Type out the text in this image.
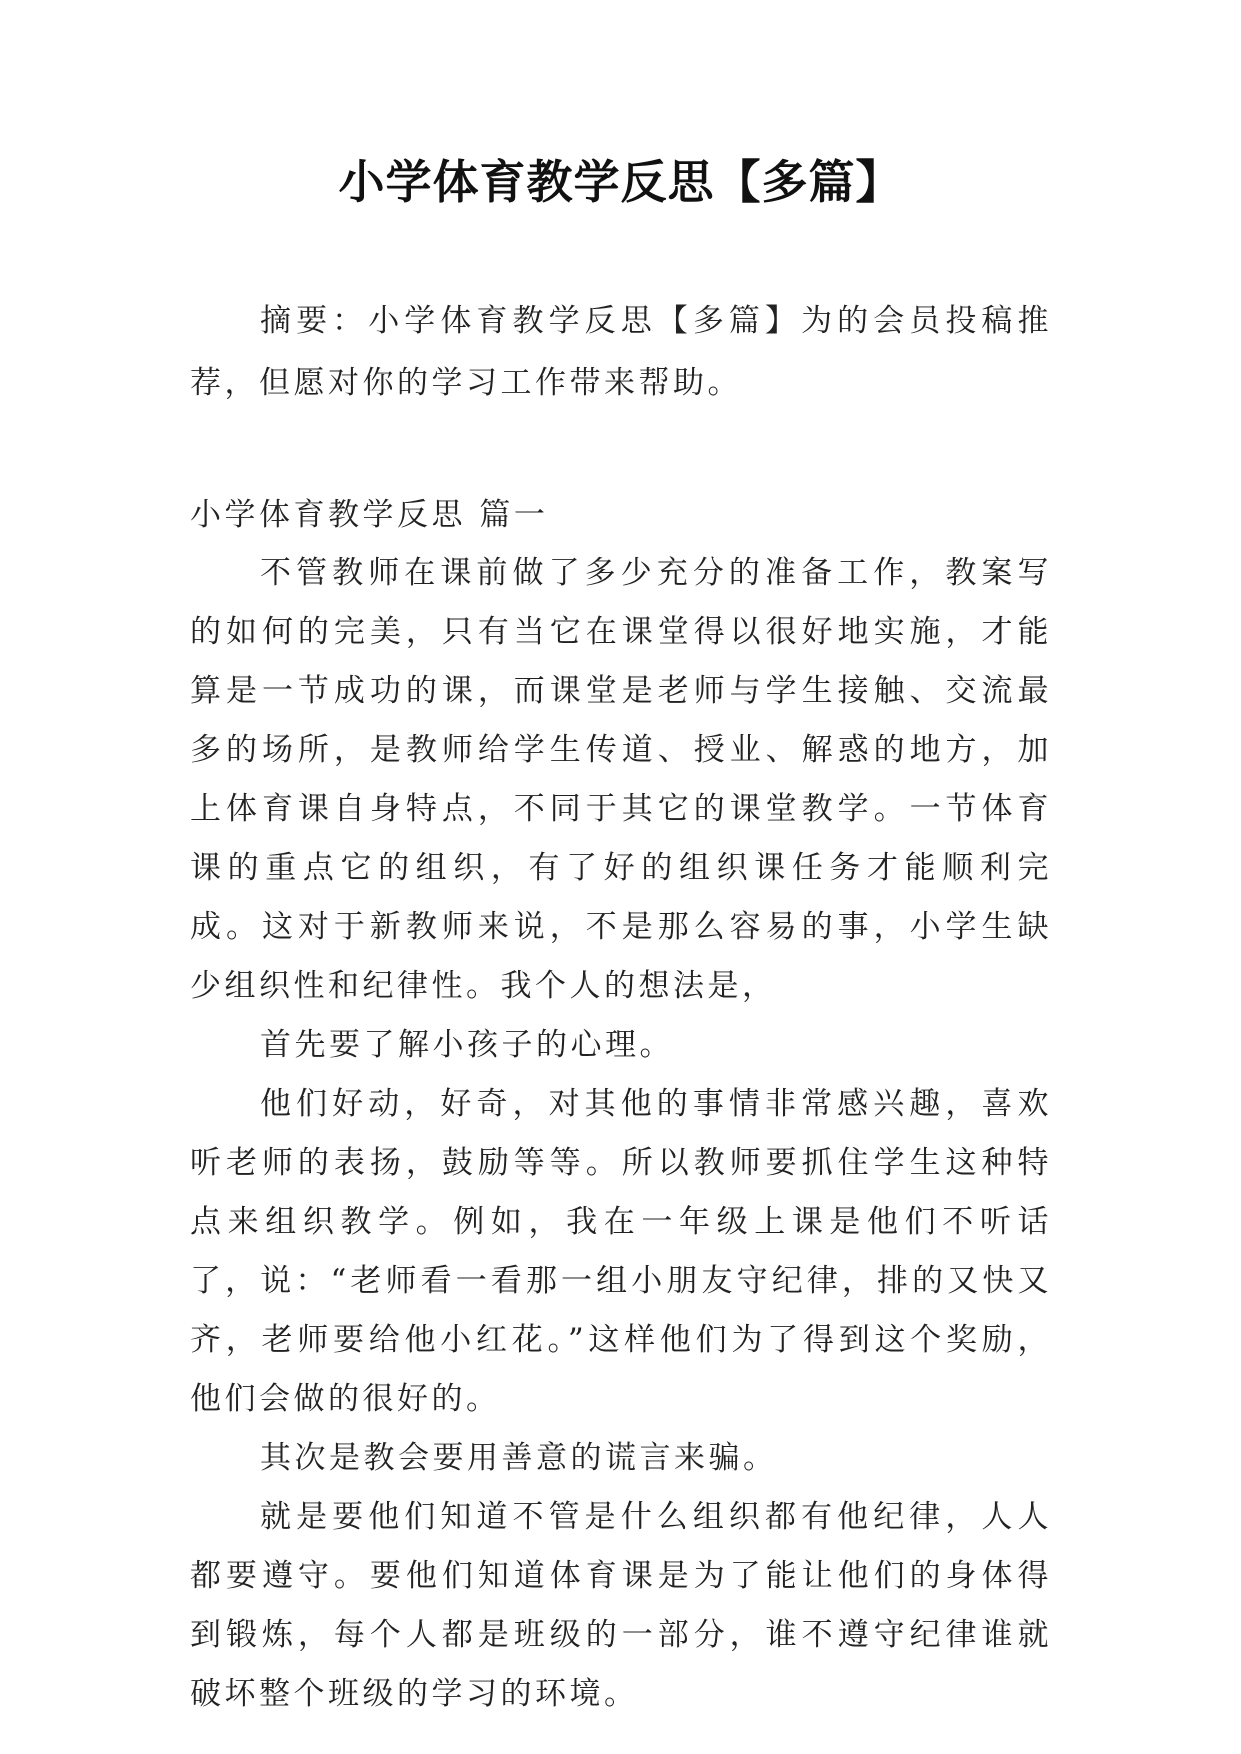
小学体育教学反思【多篇】

摘要：小学体育教学反思【多篇】为的会员投稿推荐，但愿对你的学习工作带来帮助。

小学体育教学反思 篇一

不管教师在课前做了多少充分的准备工作，教案写的如何的完美，只有当它在课堂得以很好地实施，才能算是一节成功的课，而课堂是老师与学生接触、交流最多的场所，是教师给学生传道、授业、解惑的地方，加上体育课自身特点，不同于其它的课堂教学。一节体育课的重点它的组织，有了好的组织课任务才能顺利完成。这对于新教师来说，不是那么容易的事，小学生缺少组织性和纪律性。我个人的想法是，

首先要了解小孩子的心理。

他们好动，好奇，对其他的事情非常感兴趣，喜欢听老师的表扬，鼓励等等。所以教师要抓住学生这种特点来组织教学。例如，我在一年级上课是他们不听话了，说：“老师看一看那一组小朋友守纪律，排的又快又齐，老师要给他小红花。”这样他们为了得到这个奖励，他们会做的很好的。

其次是教会要用善意的谎言来骗。

就是要他们知道不管是什么组织都有他纪律，人人都要遵守。要他们知道体育课是为了能让他们的身体得到锻炼，每个人都是班级的一部分，谁不遵守纪律谁就破坏整个班级的学习的环境。
